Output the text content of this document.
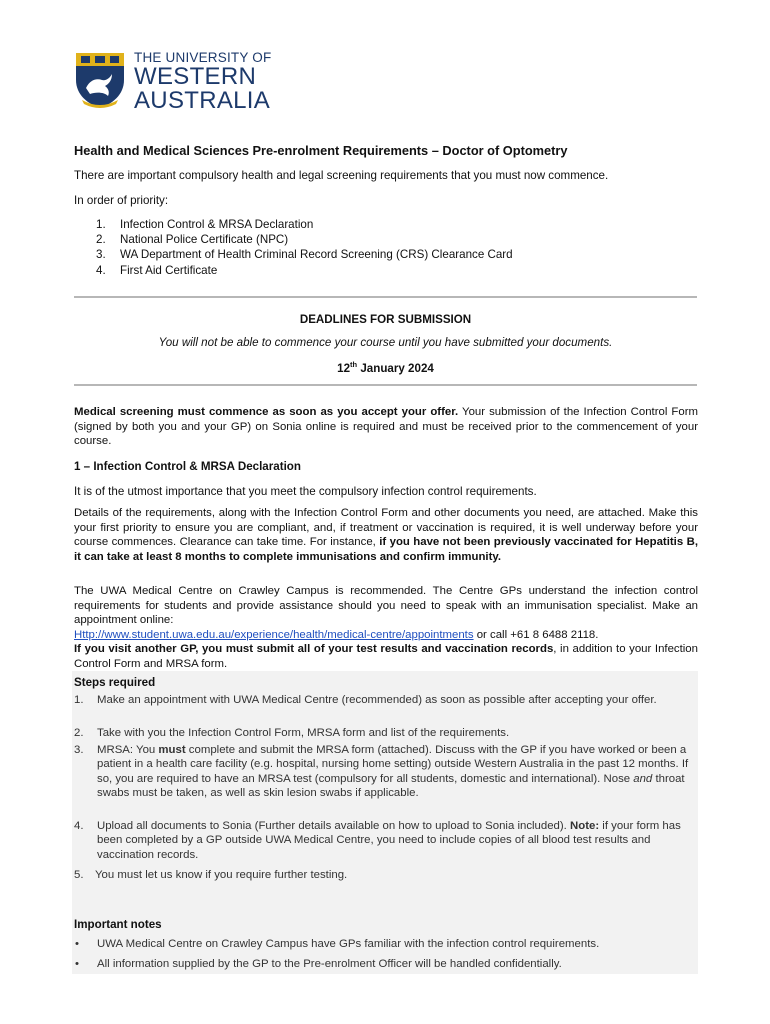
THE UNIVERSITY OF
WESTERN
AUSTRALIA
Health and Medical Sciences Pre-enrolment Requirements – Doctor of Optometry
There are important compulsory health and legal screening requirements that you must now commence.
In order of priority:
1. Infection Control & MRSA Declaration
2. National Police Certificate (NPC)
3. WA Department of Health Criminal Record Screening (CRS) Clearance Card
4. First Aid Certificate
DEADLINES FOR SUBMISSION
You will not be able to commence your course until you have submitted your documents.
12th January 2024
Medical screening must commence as soon as you accept your offer. Your submission of the Infection Control Form (signed by both you and your GP) on Sonia online is required and must be received prior to the commencement of your course.
1 – Infection Control & MRSA Declaration
It is of the utmost importance that you meet the compulsory infection control requirements.
Details of the requirements, along with the Infection Control Form and other documents you need, are attached. Make this your first priority to ensure you are compliant, and, if treatment or vaccination is required, it is well underway before your course commences. Clearance can take time. For instance, if you have not been previously vaccinated for Hepatitis B, it can take at least 8 months to complete immunisations and confirm immunity.
The UWA Medical Centre on Crawley Campus is recommended. The Centre GPs understand the infection control requirements for students and provide assistance should you need to speak with an immunisation specialist. Make an appointment online:
Http://www.student.uwa.edu.au/experience/health/medical-centre/appointments or call +61 8 6488 2118.
If you visit another GP, you must submit all of your test results and vaccination records, in addition to your Infection Control Form and MRSA form.
Steps required
1. Make an appointment with UWA Medical Centre (recommended) as soon as possible after accepting your offer.
2. Take with you the Infection Control Form, MRSA form and list of the requirements.
3. MRSA: You must complete and submit the MRSA form (attached). Discuss with the GP if you have worked or been a patient in a health care facility (e.g. hospital, nursing home setting) outside Western Australia in the past 12 months. If so, you are required to have an MRSA test (compulsory for all students, domestic and international). Nose and throat swabs must be taken, as well as skin lesion swabs if applicable.
4. Upload all documents to Sonia (Further details available on how to upload to Sonia included). Note: if your form has been completed by a GP outside UWA Medical Centre, you need to include copies of all blood test results and vaccination records.
5. You must let us know if you require further testing.
Important notes
• UWA Medical Centre on Crawley Campus have GPs familiar with the infection control requirements.
• All information supplied by the GP to the Pre-enrolment Officer will be handled confidentially.
